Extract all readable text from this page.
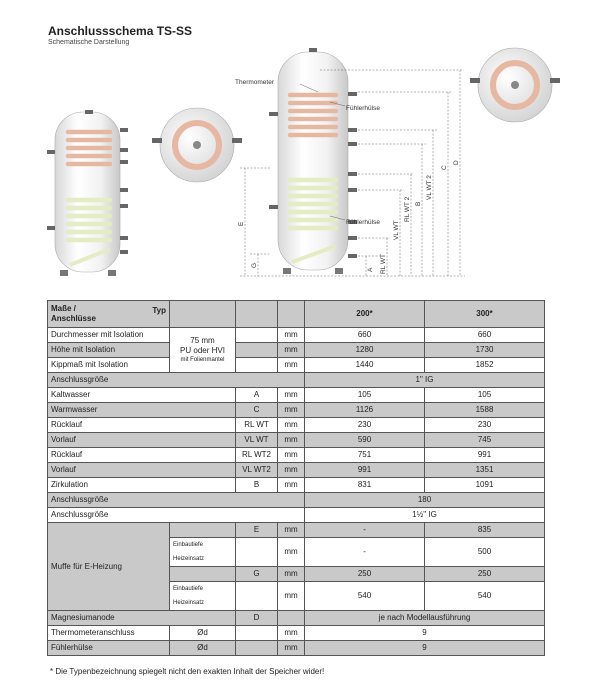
Anschlussschema TS-SS
Schematische Darstellung
Thermometer
Fühlerhülse
Fühlerhülse
E
G
A RL WT
VL WT
RL WT 2 B
VL WT 2
C
D
Maße /
Anschlüsse
Typ				200*	300*
Durchmesser mit Isolation	75 mm
PU oder HVI
mit Folienmantel		mm	660	660
Höhe mit Isolation			mm	1280	1730
Kippmaß mit Isolation			mm	1440	1852
Anschlussgröße				1" IG	
Kaltwasser		A	mm	105	105
Warmwasser		C	mm	1126	1588
Rücklauf		RL WT	mm	230	230
Vorlauf		VL WT	mm	590	745
Rücklauf		RL WT2	mm	751	991
Vorlauf		VL WT2	mm	991	1351
Zirkulation		B	mm	831	1091
Anschlussgröße				180	
Anschlussgröße				1½" IG	
Muffe für E-Heizung		E	mm	-	835
	Einbautiefe Heizeinsatz		mm	-	500
		G	mm	250	250
	Einbautiefe Heizeinsatz		mm	540	540
Magnesiumanode		D		je nach Modellausführung	
Thermometeranschluss	Ød		mm	9	
Fühlerhülse	Ød		mm	9	
* Die Typenbezeichnung spiegelt nicht den exakten Inhalt der Speicher wider!
